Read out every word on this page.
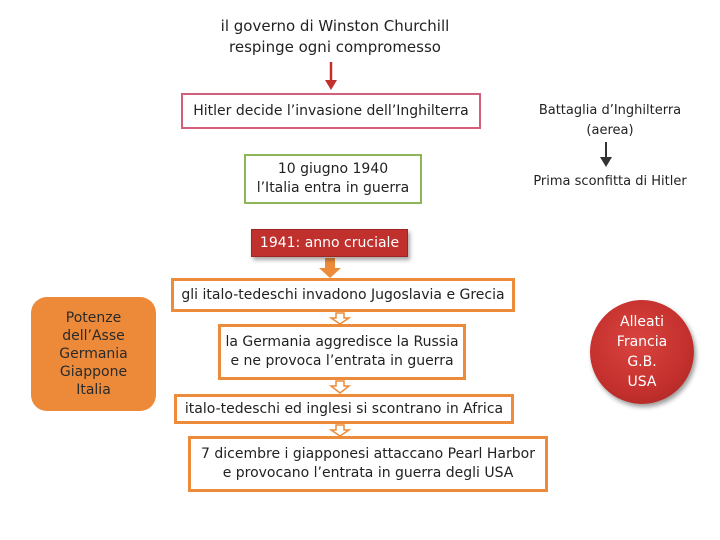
il governo di Winston Churchill
respinge ogni compromesso
Hitler decide l’invasione dell’Inghilterra
10 giugno 1940
l’Italia entra in guerra
Battaglia d’Inghilterra
(aerea)
Prima sconfitta di Hitler
1941: anno cruciale
gli italo-tedeschi invadono Jugoslavia e Grecia
la Germania aggredisce la Russia
e ne provoca l’entrata in guerra
italo-tedeschi ed inglesi si scontrano in Africa
7 dicembre i giapponesi attaccano Pearl Harbor
e provocano l’entrata in guerra degli USA
Potenze
dell’Asse
Germania
Giappone
Italia
Alleati
Francia
G.B.
USA
